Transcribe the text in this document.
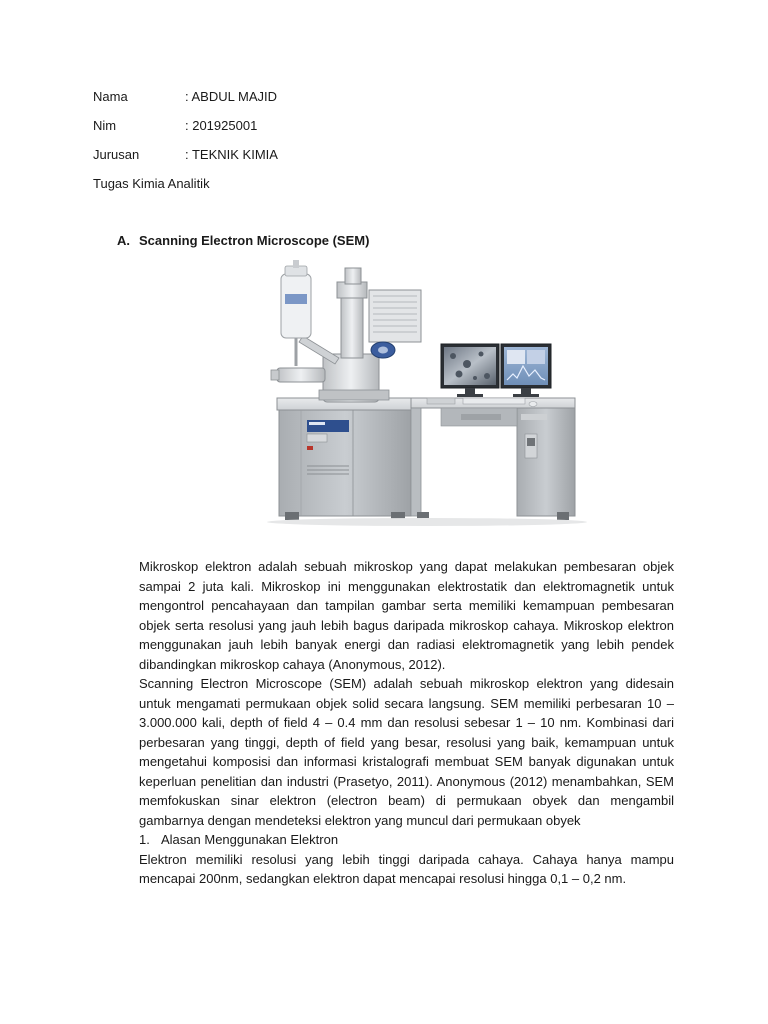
Nama	: ABDUL MAJID
Nim	: 201925001
Jurusan	: TEKNIK KIMIA
Tugas Kimia Analitik
A. Scanning Electron Microscope (SEM)

Mikroskop elektron adalah sebuah mikroskop yang dapat melakukan pembesaran objek sampai 2 juta kali. Mikroskop ini menggunakan elektrostatik dan elektromagnetik untuk mengontrol pencahayaan dan tampilan gambar serta memiliki kemampuan pembesaran objek serta resolusi yang jauh lebih bagus daripada mikroskop cahaya. Mikroskop elektron menggunakan jauh lebih banyak energi dan radiasi elektromagnetik yang lebih pendek dibandingkan mikroskop cahaya (Anonymous, 2012).

Scanning Electron Microscope (SEM) adalah sebuah mikroskop elektron yang didesain untuk mengamati permukaan objek solid secara langsung. SEM memiliki perbesaran 10 – 3.000.000 kali, depth of field 4 – 0.4 mm dan resolusi sebesar 1 – 10 nm. Kombinasi dari perbesaran yang tinggi, depth of field yang besar, resolusi yang baik, kemampuan untuk mengetahui komposisi dan informasi kristalografi membuat SEM banyak digunakan untuk keperluan penelitian dan industri (Prasetyo, 2011). Anonymous (2012) menambahkan, SEM memfokuskan sinar elektron (electron beam) di permukaan obyek dan mengambil gambarnya dengan mendeteksi elektron yang muncul dari permukaan obyek

1. Alasan Menggunakan Elektron

Elektron memiliki resolusi yang lebih tinggi daripada cahaya. Cahaya hanya mampu mencapai 200nm, sedangkan elektron dapat mencapai resolusi hingga 0,1 – 0,2 nm.
